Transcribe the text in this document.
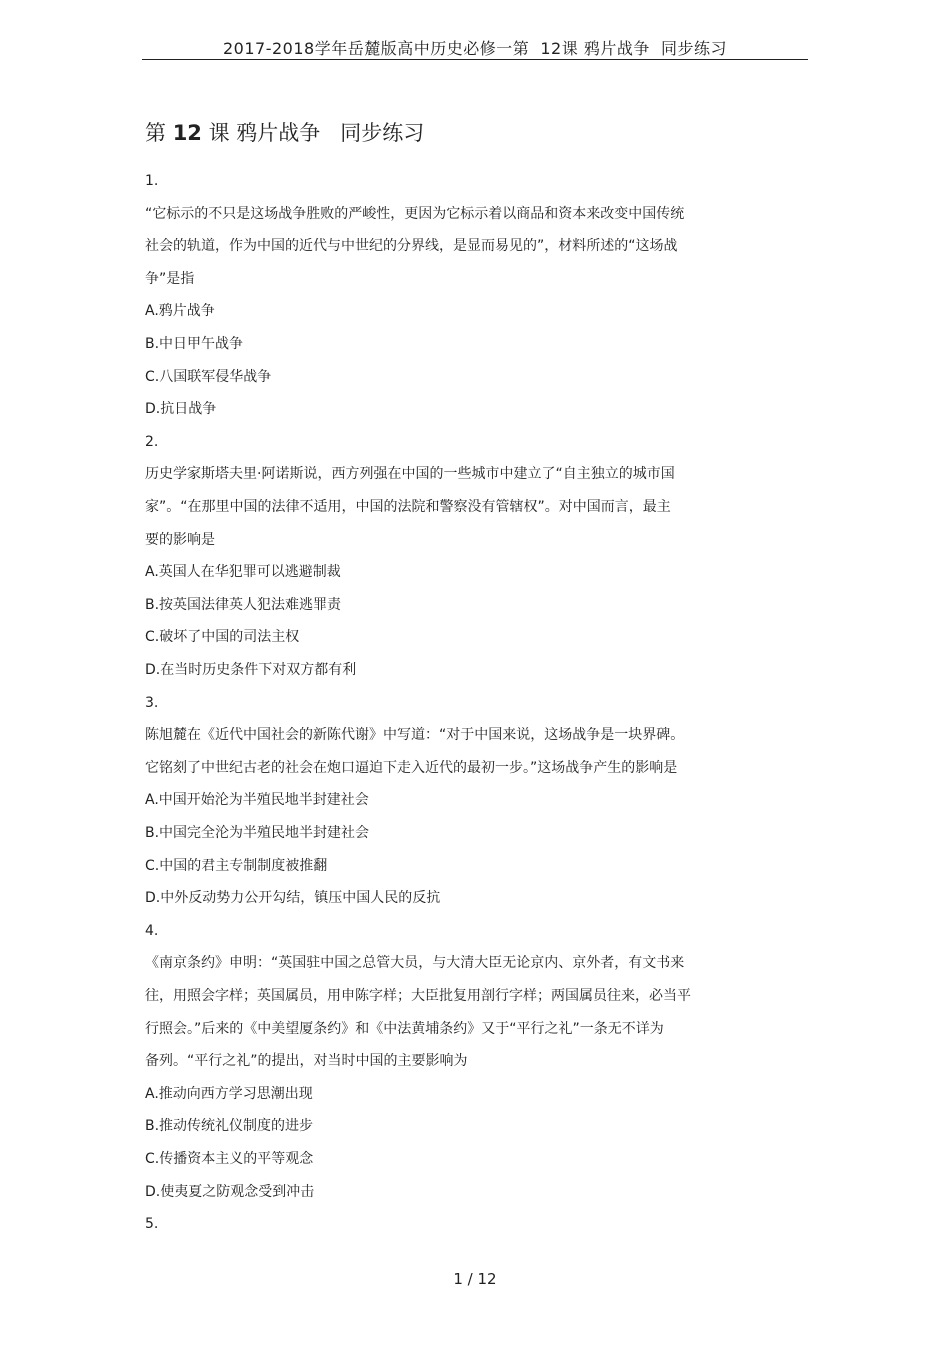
2017-2018学年岳麓版高中历史必修一第  12课 鸦片战争  同步练习
第 12 课 鸦片战争   同步练习
1.
“它标示的不只是这场战争胜败的严峻性，更因为它标示着以商品和资本来改变中国传统
社会的轨道，作为中国的近代与中世纪的分界线，是显而易见的”，材料所述的“这场战
争”是指
A.鸦片战争
B.中日甲午战争
C.八国联军侵华战争
D.抗日战争
2.
历史学家斯塔夫里·阿诺斯说，西方列强在中国的一些城市中建立了“自主独立的城市国
家”。“在那里中国的法律不适用，中国的法院和警察没有管辖权”。对中国而言，最主
要的影响是
A.英国人在华犯罪可以逃避制裁
B.按英国法律英人犯法难逃罪责
C.破坏了中国的司法主权
D.在当时历史条件下对双方都有利
3.
陈旭麓在《近代中国社会的新陈代谢》中写道：“对于中国来说，这场战争是一块界碑。
它铭刻了中世纪古老的社会在炮口逼迫下走入近代的最初一步。”这场战争产生的影响是
A.中国开始沦为半殖民地半封建社会
B.中国完全沦为半殖民地半封建社会
C.中国的君主专制制度被推翻
D.中外反动势力公开勾结，镇压中国人民的反抗
4.
《南京条约》申明：“英国驻中国之总管大员，与大清大臣无论京内、京外者，有文书来
往，用照会字样；英国属员，用申陈字样；大臣批复用剖行字样；两国属员往来，必当平
行照会。”后来的《中美望厦条约》和《中法黄埔条约》又于“平行之礼”一条无不详为
备列。“平行之礼”的提出，对当时中国的主要影响为
A.推动向西方学习思潮出现
B.推动传统礼仪制度的进步
C.传播资本主义的平等观念
D.使夷夏之防观念受到冲击
5.
1 / 12
